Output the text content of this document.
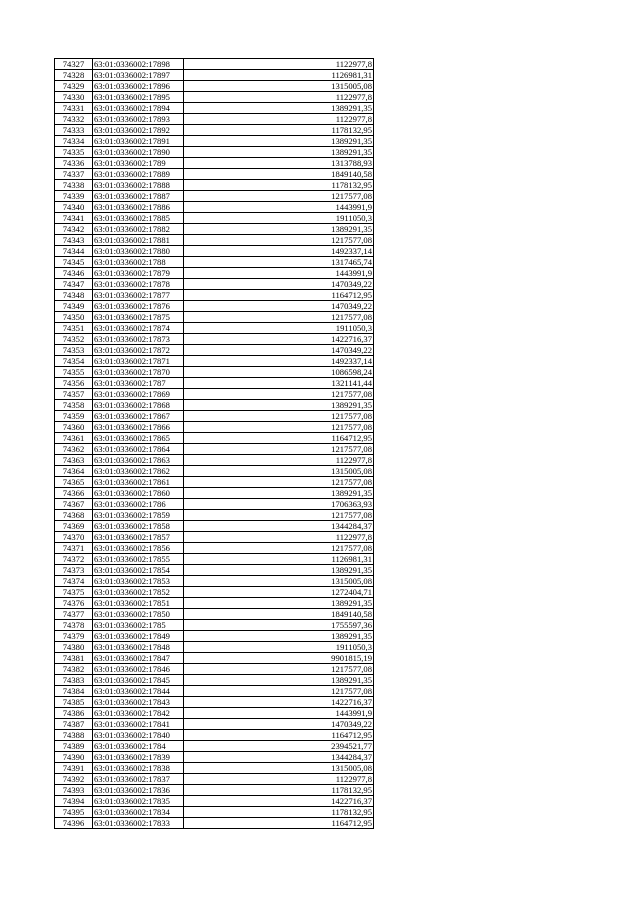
74327	63:01:0336002:17898	1122977,8
74328	63:01:0336002:17897	1126981,31
74329	63:01:0336002:17896	1315005,08
74330	63:01:0336002:17895	1122977,8
74331	63:01:0336002:17894	1389291,35
74332	63:01:0336002:17893	1122977,8
74333	63:01:0336002:17892	1178132,95
74334	63:01:0336002:17891	1389291,35
74335	63:01:0336002:17890	1389291,35
74336	63:01:0336002:1789	1313788,93
74337	63:01:0336002:17889	1849140,58
74338	63:01:0336002:17888	1178132,95
74339	63:01:0336002:17887	1217577,08
74340	63:01:0336002:17886	1443991,9
74341	63:01:0336002:17885	1911050,3
74342	63:01:0336002:17882	1389291,35
74343	63:01:0336002:17881	1217577,08
74344	63:01:0336002:17880	1492337,14
74345	63:01:0336002:1788	1317465,74
74346	63:01:0336002:17879	1443991,9
74347	63:01:0336002:17878	1470349,22
74348	63:01:0336002:17877	1164712,95
74349	63:01:0336002:17876	1470349,22
74350	63:01:0336002:17875	1217577,08
74351	63:01:0336002:17874	1911050,3
74352	63:01:0336002:17873	1422716,37
74353	63:01:0336002:17872	1470349,22
74354	63:01:0336002:17871	1492337,14
74355	63:01:0336002:17870	1086598,24
74356	63:01:0336002:1787	1321141,44
74357	63:01:0336002:17869	1217577,08
74358	63:01:0336002:17868	1389291,35
74359	63:01:0336002:17867	1217577,08
74360	63:01:0336002:17866	1217577,08
74361	63:01:0336002:17865	1164712,95
74362	63:01:0336002:17864	1217577,08
74363	63:01:0336002:17863	1122977,8
74364	63:01:0336002:17862	1315005,08
74365	63:01:0336002:17861	1217577,08
74366	63:01:0336002:17860	1389291,35
74367	63:01:0336002:1786	1706363,93
74368	63:01:0336002:17859	1217577,08
74369	63:01:0336002:17858	1344284,37
74370	63:01:0336002:17857	1122977,8
74371	63:01:0336002:17856	1217577,08
74372	63:01:0336002:17855	1126981,31
74373	63:01:0336002:17854	1389291,35
74374	63:01:0336002:17853	1315005,08
74375	63:01:0336002:17852	1272404,71
74376	63:01:0336002:17851	1389291,35
74377	63:01:0336002:17850	1849140,58
74378	63:01:0336002:1785	1755597,36
74379	63:01:0336002:17849	1389291,35
74380	63:01:0336002:17848	1911050,3
74381	63:01:0336002:17847	9901815,19
74382	63:01:0336002:17846	1217577,08
74383	63:01:0336002:17845	1389291,35
74384	63:01:0336002:17844	1217577,08
74385	63:01:0336002:17843	1422716,37
74386	63:01:0336002:17842	1443991,9
74387	63:01:0336002:17841	1470349,22
74388	63:01:0336002:17840	1164712,95
74389	63:01:0336002:1784	2394521,77
74390	63:01:0336002:17839	1344284,37
74391	63:01:0336002:17838	1315005,08
74392	63:01:0336002:17837	1122977,8
74393	63:01:0336002:17836	1178132,95
74394	63:01:0336002:17835	1422716,37
74395	63:01:0336002:17834	1178132,95
74396	63:01:0336002:17833	1164712,95
